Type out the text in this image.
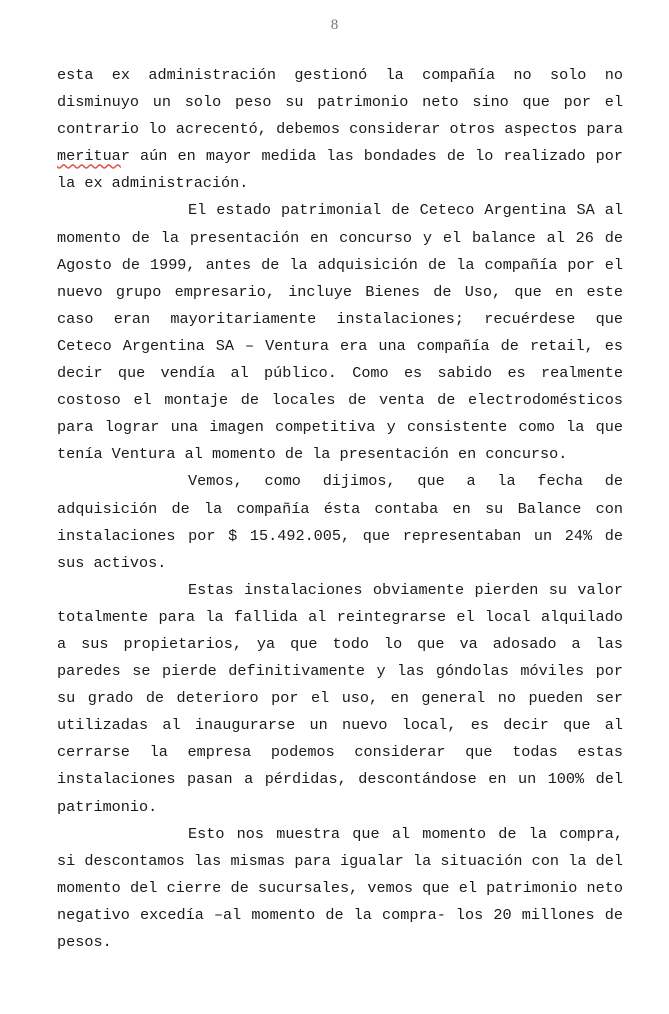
8

esta ex administración gestionó la compañía no solo no disminuyo un solo peso su patrimonio neto sino que por el contrario lo acrecentó, debemos considerar otros aspectos para merituar aún en mayor medida las bondades de lo realizado por la ex administración.

El estado patrimonial de Ceteco Argentina SA al momento de la presentación en concurso y el balance al 26 de Agosto de 1999, antes de la adquisición de la compañía por el nuevo grupo empresario, incluye Bienes de Uso, que en este caso eran mayoritariamente instalaciones; recuérdese que Ceteco Argentina SA – Ventura era una compañía de retail, es decir que vendía al público. Como es sabido es realmente costoso el montaje de locales de venta de electrodomésticos para lograr una imagen competitiva y consistente como la que tenía Ventura al momento de la presentación en concurso.

Vemos, como dijimos, que a la fecha de adquisición de la compañía ésta contaba en su Balance con instalaciones por $ 15.492.005, que representaban un 24% de sus activos.

Estas instalaciones obviamente pierden su valor totalmente para la fallida al reintegrarse el local alquilado a sus propietarios, ya que todo lo que va adosado a las paredes se pierde definitivamente y las góndolas móviles por su grado de deterioro por el uso, en general no pueden ser utilizadas al inaugurarse un nuevo local, es decir que al cerrarse la empresa podemos considerar que todas estas instalaciones pasan a pérdidas, descontándose en un 100% del patrimonio.

Esto nos muestra que al momento de la compra, si descontamos las mismas para igualar la situación con la del momento del cierre de sucursales, vemos que el patrimonio neto negativo excedía –al momento de la compra- los 20 millones de pesos.
